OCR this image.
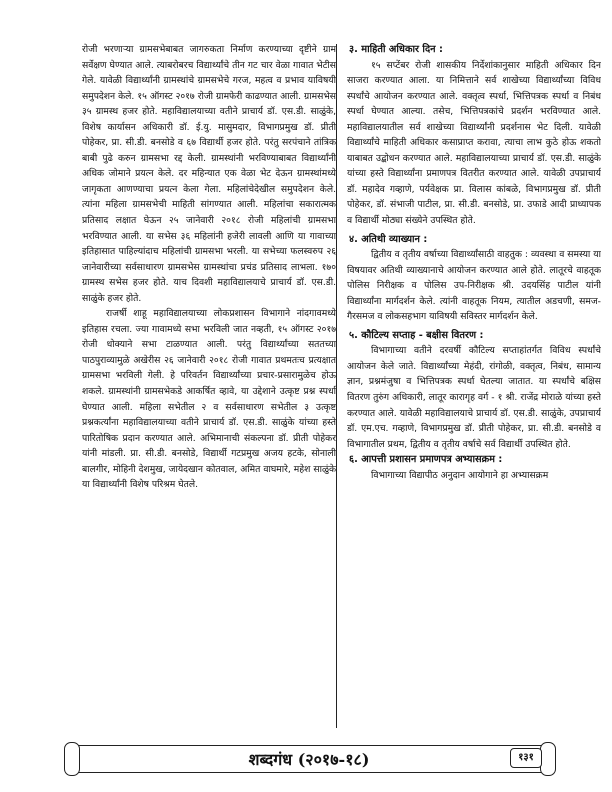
रोजी भरणाऱ्या ग्रामसभेबाबत जागरुकता निर्माण करण्याच्या दृष्टीने ग्राम सर्वेक्षण घेण्यात आले. त्याबरोबरच विद्यार्थ्यांचे तीन गट चार वेळा गावात भेटीस गेले. यावेळी विद्यार्थ्यांनी ग्रामस्थांचे ग्रामसभेचे गरज, महत्व व प्रभाव याविषयी समुपदेशन केले. १५ ऑगस्ट २०१७ रोजी ग्रामफेरी काढण्यात आली. ग्रामसभेस ३५ ग्रामस्थ हजर होते. महाविद्यालयाच्या वतीने प्राचार्य डॉ. एस.डी. साळुंके, विशेष कार्यासन अधिकारी डॉ. ई.यु. मासुमदार, विभागप्रमुख डॉ. प्रीती पोहेकर, प्रा. सी.डी. बनसोडे व ६७ विद्यार्थी हजर होते. परंतु सरपंचाने तांत्रिक बाबी पुढे करुन ग्रामसभा रद्द केली. ग्रामस्थांनी भरविण्याबाबत विद्यार्थ्यांनी अधिक जोमाने प्रयत्न केले. दर महिन्यात एक वेळा भेट देऊन ग्रामस्थांमध्ये जागृकता आणण्याचा प्रयत्न केला गेला. महिलांचेदेखील समुपदेशन केले. त्यांना महिला ग्रामसभेची माहिती सांगण्यात आली. महिलांचा सकारात्मक प्रतिसाद लक्षात घेऊन २५ जानेवारी २०१८ रोजी महिलांची ग्रामसभा भरविण्यात आली. या सभेस ३६ महिलांनी हजेरी लावली आणि या गावाच्या इतिहासात पाहिल्यांदाच महिलांची ग्रामसभा भरली. या सभेच्या फलस्वरुप २६ जानेवारीच्या सर्वसाधारण ग्रामसभेस ग्रामस्थांचा प्रचंड प्रतिसाद लाभला. १७० ग्रामस्थ सभेस हजर होते. याच दिवशी महाविद्यालयाचे प्राचार्य डॉ. एस.डी. साळुंके हजर होते.

राजर्षी शाहू महाविद्यालयाच्या लोकप्रशासन विभागाने नांदगावमध्ये इतिहास रचला. ज्या गावामध्ये सभा भरविली जात नव्हती, १५ ऑगस्ट २०१७ रोजी धोक्याने सभा टाळण्यात आली. परंतु विद्यार्थ्यांच्या सततच्या पाठपुराव्यामुळे अखेरीस २६ जानेवारी २०१८ रोजी गावात प्रथमतःच प्रत्यक्षात ग्रामसभा भरविली गेली. हे परिवर्तन विद्यार्थ्यांच्या प्रचार-प्रसारामुळेच होऊ शकले. ग्रामस्थांनी ग्रामसभेकडे आकर्षित व्हावे, या उद्देशाने उत्कृष्ट प्रश्न स्पर्धा घेण्यात आली. महिला सभेतील २ व सर्वसाधारण सभेतील ३ उत्कृष्ट प्रश्नकर्त्यांना महाविद्यालयाच्या वतीने प्राचार्य डॉ. एस.डी. साळुंके यांच्या हस्ते पारितोषिक प्रदान करण्यात आले. अभिमानाची संकल्पना डॉ. प्रीती पोहेकर यांनी मांडली. प्रा. सी.डी. बनसोडे, विद्यार्थी गटप्रमुख अजय हटके, सोनाली बालगीर, मोहिनी देशमुख, जायेदखान कोतवाल, अमित वाघमारे, महेश साळुंके या विद्यार्थ्यांनी विशेष परिश्रम घेतले.

३. माहिती अधिकार दिन :

१५ सप्टेंबर रोजी शासकीय निर्देशांकानुसार माहिती अधिकार दिन साजरा करण्यात आला. या निमित्ताने सर्व शाखेच्या विद्यार्थ्यांच्या विविध स्पर्धांचे आयोजन करण्यात आले. वक्तृत्व स्पर्धा, भित्तिपत्रक स्पर्धा व निबंध स्पर्धा घेण्यात आल्या. तसेच, भित्तिपत्रकांचे प्रदर्शन भरविण्यात आले. महाविद्यालयातील सर्व शाखेच्या विद्यार्थ्यांनी प्रदर्शनास भेट दिली. यावेळी विद्यार्थ्यांचे माहिती अधिकार कसाप्राप्त करावा, त्याचा लाभ कुठे होऊ शकतो याबाबत उद्बोधन करण्यात आले. महाविद्यालयाच्या प्राचार्य डॉ. एस.डी. साळुंके यांच्या हस्ते विद्यार्थ्यांना प्रमाणपत्र वितरीत करण्यात आले. यावेळी उपप्राचार्य डॉ. महादेव गव्हाणे, पर्यवेक्षक प्रा. विलास कांबळे, विभागप्रमुख डॉ. प्रीती पोहेकर, डॉ. संभाजी पाटील, प्रा. सी.डी. बनसोडे, प्रा. उफाडे आदी प्राध्यापक व विद्यार्थी मोठ्या संख्येने उपस्थित होते.

४. अतिथी व्याख्यान :

द्वितीय व तृतीय वर्षाच्या विद्यार्थ्यांसाठी वाहतुक : व्यवस्था व समस्या या विषयावर अतिथी व्याख्यानाचे आयोजन करण्यात आले होते. लातूरचे वाहतूक पोलिस निरीक्षक व पोलिस उप-निरीक्षक श्री. उदयसिंह पाटील यांनी विद्यार्थ्यांना मार्गदर्शन केले. त्यांनी वाहतूक नियम, त्यातील अडचणी, समज-गैरसमज व लोकसहभाग याविषयी सविस्तर मार्गदर्शन केले.

५. कौटिल्य सप्ताह - बक्षीस वितरण :

विभागाच्या वतीने दरवर्षी कौटिल्य सप्ताहांतर्गत विविध स्पर्धांचे आयोजन केले जाते. विद्यार्थ्यांच्या मेहंदी, रांगोळी, वक्तृत्व, निबंध, सामान्य ज्ञान, प्रश्नमंजुषा व भित्तिपत्रक स्पर्धा घेतल्या जातात. या स्पर्धांचे बक्षिस वितरण तुरुंग अधिकारी, लातूर कारागृह वर्ग - १ श्री. राजेंद्र मोराळे यांच्या हस्ते करण्यात आले. यावेळी महाविद्यालयाचे प्राचार्य डॉ. एस.डी. साळुंके, उपप्राचार्य डॉ. एम.एच. गव्हाणे, विभागप्रमुख डॉ. प्रीती पोहेकर, प्रा. सी.डी. बनसोडे व विभागातील प्रथम, द्वितीय व तृतीय वर्षाचे सर्व विद्यार्थी उपस्थित होते.

६. आपत्ती प्रशासन प्रमाणपत्र अभ्यासक्रम :

विभागाच्या विद्यापीठ अनुदान आयोगाने हा अभ्यासक्रम

शब्दगंध (२०१७-१८)	१३१
